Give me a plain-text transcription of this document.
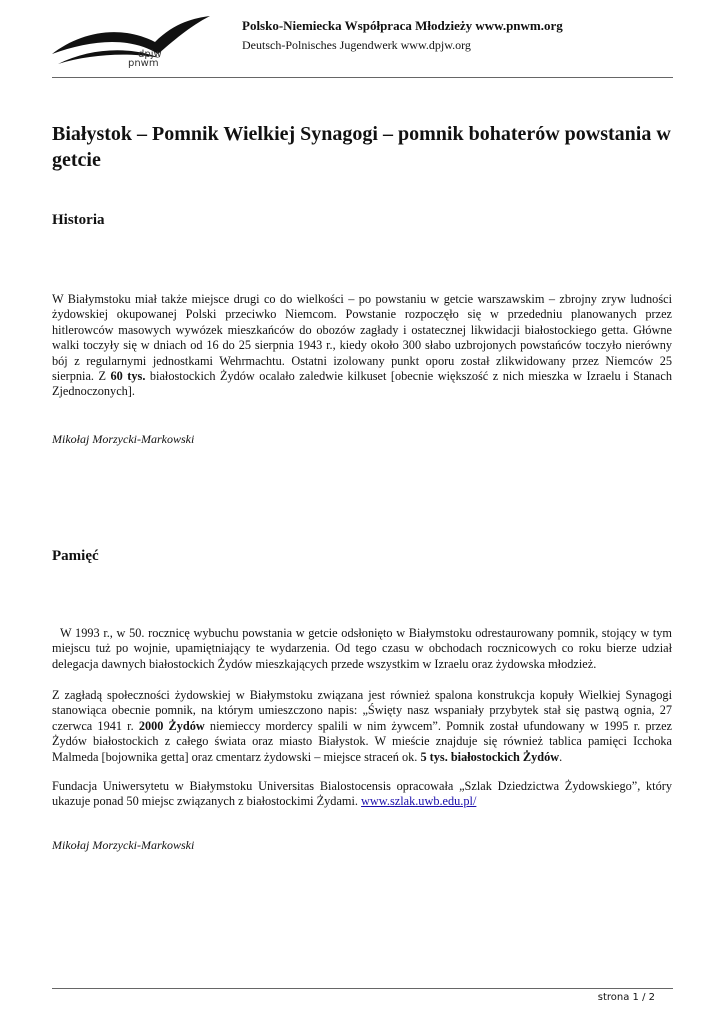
dpjw
pnwm
Polsko-Niemiecka Współpraca Młodzieży www.pnwm.org
Deutsch-Polnisches Jugendwerk www.dpjw.org
Białystok – Pomnik Wielkiej Synagogi – pomnik bohaterów powstania w getcie
Historia

W Białymstoku miał także miejsce drugi co do wielkości – po powstaniu w getcie warszawskim – zbrojny zryw ludności żydowskiej okupowanej Polski przeciwko Niemcom. Powstanie rozpoczęło się w przededniu planowanych przez hitlerowców masowych wywózek mieszkańców do obozów zagłady i ostatecznej likwidacji białostockiego getta. Główne walki toczyły się w dniach od 16 do 25 sierpnia 1943 r., kiedy około 300 słabo uzbrojonych powstańców toczyło nierówny bój z regularnymi jednostkami Wehrmachtu. Ostatni izolowany punkt oporu został zlikwidowany przez Niemców 25 sierpnia. Z 60 tys. białostockich Żydów ocalało zaledwie kilkuset [obecnie większość z nich mieszka w Izraelu i Stanach Zjednoczonych].

Mikołaj Morzycki-Markowski

Pamięć

W 1993 r., w 50. rocznicę wybuchu powstania w getcie odsłonięto w Białymstoku odrestaurowany pomnik, stojący w tym miejscu tuż po wojnie, upamiętniający te wydarzenia. Od tego czasu w obchodach rocznicowych co roku bierze udział delegacja dawnych białostockich Żydów mieszkających przede wszystkim w Izraelu oraz żydowska młodzież.

Z zagładą społeczności żydowskiej w Białymstoku związana jest również spalona konstrukcja kopuły Wielkiej Synagogi stanowiąca obecnie pomnik, na którym umieszczono napis: „Święty nasz wspaniały przybytek stał się pastwą ognia, 27 czerwca 1941 r. 2000 Żydów niemieccy mordercy spalili w nim żywcem”. Pomnik został ufundowany w 1995 r. przez Żydów białostockich z całego świata oraz miasto Białystok. W mieście znajduje się również tablica pamięci Icchoka Malmeda [bojownika getta] oraz cmentarz żydowski – miejsce straceń ok. 5 tys. białostockich Żydów.

Fundacja Uniwersytetu w Białymstoku Universitas Bialostocensis opracowała „Szlak Dziedzictwa Żydowskiego”, który ukazuje ponad 50 miejsc związanych z białostockimi Żydami. www.szlak.uwb.edu.pl/

Mikołaj Morzycki-Markowski

strona 1 / 2
